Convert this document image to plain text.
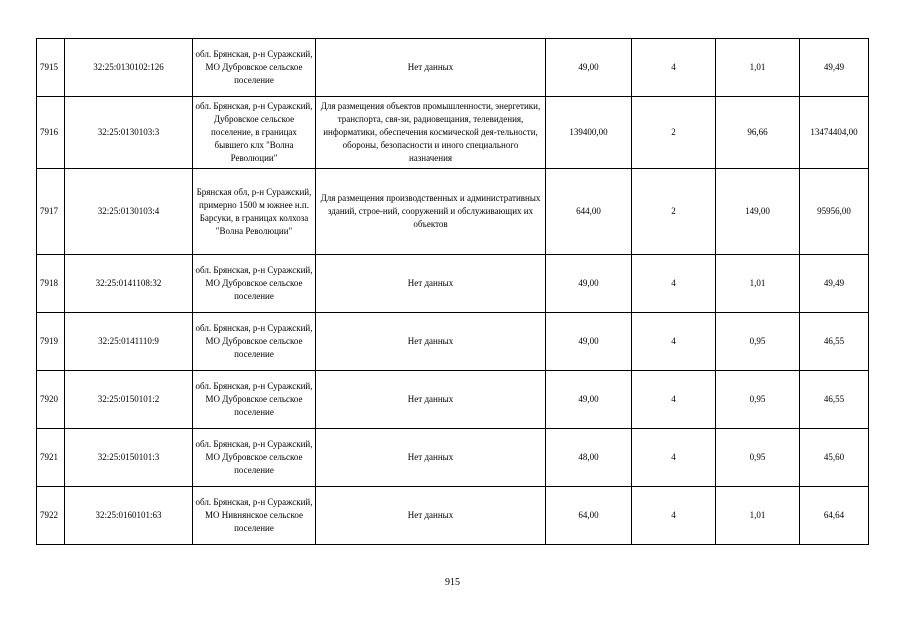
7915	32:25:0130102:126	обл. Брянская, р-н Суражский, МО Дубровское сельское поселение	Нет данных	49,00	4	1,01	49,49
7916	32:25:0130103:3	обл. Брянская, р-н Суражский, Дубровское сельское поселение, в границах бывшего клх "Волна Революции"	Для размещения объектов промышленности, энергетики, транспорта, свя-зи, радиовещания, телевидения, информатики, обеспечения космической дея-тельности, обороны, безопасности и иного специального назначения	139400,00	2	96,66	13474404,00
7917	32:25:0130103:4	Брянская обл, р-н Суражский, примерно 1500 м южнее н.п. Барсуки, в границах колхоза "Волна Революции"	Для размещения производственных и административных зданий, строе-ний, сооружений и обслуживающих их объектов	644,00	2	149,00	95956,00
7918	32:25:0141108:32	обл. Брянская, р-н Суражский, МО Дубровское сельское поселение	Нет данных	49,00	4	1,01	49,49
7919	32:25:0141110:9	обл. Брянская, р-н Суражский, МО Дубровское сельское поселение	Нет данных	49,00	4	0,95	46,55
7920	32:25:0150101:2	обл. Брянская, р-н Суражский, МО Дубровское сельское поселение	Нет данных	49,00	4	0,95	46,55
7921	32:25:0150101:3	обл. Брянская, р-н Суражский, МО Дубровское сельское поселение	Нет данных	48,00	4	0,95	45,60
7922	32:25:0160101:63	обл. Брянская, р-н Суражский, МО Нивнянское сельское поселение	Нет данных	64,00	4	1,01	64,64
915
